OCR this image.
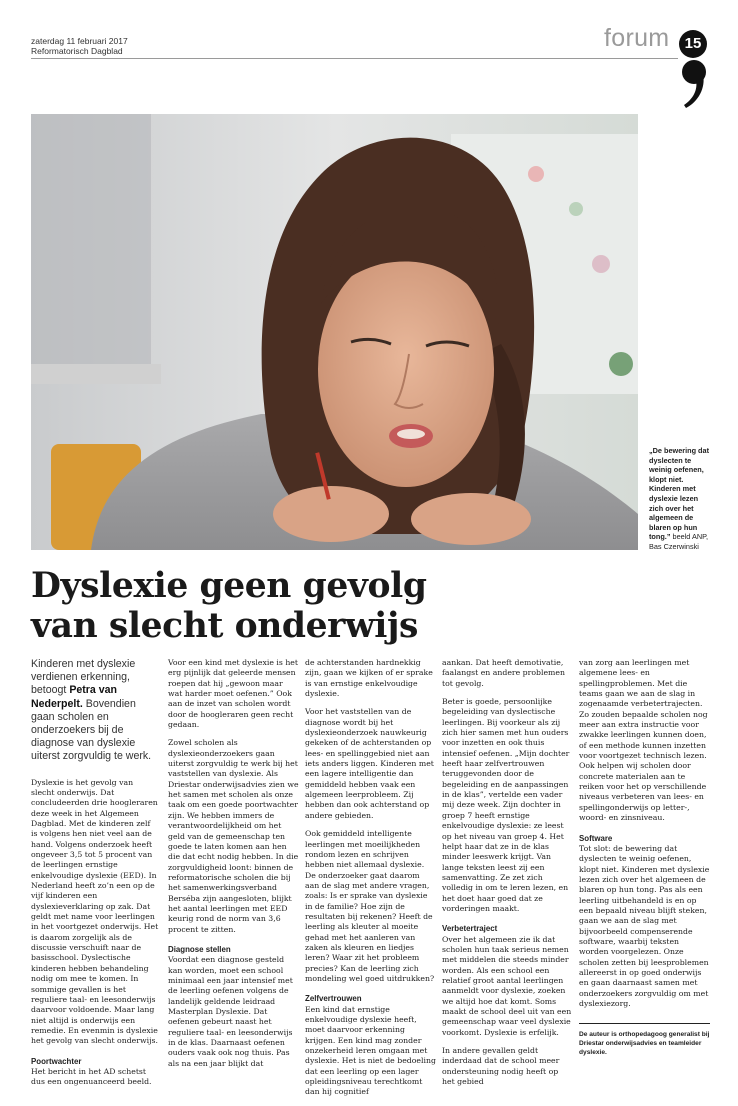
zaterdag 11 februari 2017
Reformatorisch Dagblad	forum	15
„De bewering dat dyslecten te weinig oefenen, klopt niet. Kinderen met dyslexie lezen zich over het algemeen de blaren op hun tong.” beeld ANP, Bas Czerwinski
Dyslexie geen gevolg
van slecht onderwijs

Kinderen met dyslexie verdienen erkenning, betoogt Petra van Nederpelt. Bovendien gaan scholen en onderzoekers bij de diagnose van dyslexie uiterst zorgvuldig te werk.

Dyslexie is het gevolg van slecht onderwijs. Dat concludeerden drie hoogleraren deze week in het Algemeen Dagblad. Met de kinderen zelf is volgens hen niet veel aan de hand. Volgens onderzoek heeft ongeveer 3,5 tot 5 procent van de leerlingen ernstige enkelvoudige dyslexie (EED). In Nederland heeft zo’n een op de vijf kinderen een dyslexieverklaring op zak. Dat geldt met name voor leerlingen in het voortgezet onderwijs. Het is daarom zorgelijk als de discussie verschuift naar de basisschool. Dyslectische kinderen hebben behandeling nodig om mee te komen. In sommige gevallen is het reguliere taal- en leesonderwijs daarvoor voldoende. Maar lang niet altijd is onderwijs een remedie. En evenmin is dyslexie het gevolg van slecht onderwijs.

Poortwachter

Het bericht in het AD schetst dus een ongenuanceerd beeld.

Voor een kind met dyslexie is het erg pijnlijk dat geleerde mensen roepen dat hij „gewoon maar wat harder moet oefenen.” Ook aan de inzet van scholen wordt door de hoogleraren geen recht gedaan.

Zowel scholen als dyslexieonderzoekers gaan uiterst zorgvuldig te werk bij het vaststellen van dyslexie. Als Driestar onderwijsadvies zien we het samen met scholen als onze taak om een goede poortwachter zijn. We hebben immers de verantwoordelijkheid om het geld van de gemeenschap ten goede te laten komen aan hen die dat echt nodig hebben. In die zorgvuldigheid loont: binnen de reformatorische scholen die bij het samenwerkingsverband Berséba zijn aangesloten, blijkt het aantal leerlingen met EED keurig rond de norm van 3,6 procent te zitten.

Diagnose stellen

Voordat een diagnose gesteld kan worden, moet een school minimaal een jaar intensief met de leerling oefenen volgens de landelijk geldende leidraad Masterplan Dyslexie. Dat oefenen gebeurt naast het reguliere taal- en leesonderwijs in de klas. Daarnaast oefenen ouders vaak ook nog thuis. Pas als na een jaar blijkt dat

de achterstanden hardnekkig zijn, gaan we kijken of er sprake is van ernstige enkelvoudige dyslexie.

Voor het vaststellen van de diagnose wordt bij het dyslexieonderzoek nauwkeurig gekeken of de achterstanden op lees- en spellinggebied niet aan iets anders liggen. Kinderen met een lagere intelligentie dan gemiddeld hebben vaak een algemeen leerprobleem. Zij hebben dan ook achterstand op andere gebieden.

Ook gemiddeld intelligente leerlingen met moeilijkheden rondom lezen en schrijven hebben niet allemaal dyslexie. De onderzoeker gaat daarom aan de slag met andere vragen, zoals: Is er sprake van dyslexie in de familie? Hoe zijn de resultaten bij rekenen? Heeft de leerling als kleuter al moeite gehad met het aanleren van zaken als kleuren en liedjes leren? Waar zit het probleem precies? Kan de leerling zich mondeling wel goed uitdrukken?

Zelfvertrouwen

Een kind dat ernstige enkelvoudige dyslexie heeft, moet daarvoor erkenning krijgen. Een kind mag zonder onzekerheid leren omgaan met dyslexie. Het is niet de bedoeling dat een leerling op een lager opleidingsniveau terechtkomt dan hij cognitief

aankan. Dat heeft demotivatie, faalangst en andere problemen tot gevolg.

Beter is goede, persoonlijke begeleiding van dyslectische leerlingen. Bij voorkeur als zij zich hier samen met hun ouders voor inzetten en ook thuis intensief oefenen. „Mijn dochter heeft haar zelfvertrouwen teruggevonden door de begeleiding en de aanpassingen in de klas”, vertelde een vader mij deze week. Zijn dochter in groep 7 heeft ernstige enkelvoudige dyslexie: ze leest op het niveau van groep 4. Het helpt haar dat ze in de klas minder leeswerk krijgt. Van lange teksten leest zij een samenvatting. Ze zet zich volledig in om te leren lezen, en het doet haar goed dat ze vorderingen maakt.

Verbetertraject

Over het algemeen zie ik dat scholen hun taak serieus nemen met middelen die steeds minder worden. Als een school een relatief groot aantal leerlingen aanmeldt voor dyslexie, zoeken we altijd hoe dat komt. Soms maakt de school deel uit van een gemeenschap waar veel dyslexie voorkomt. Dyslexie is erfelijk.

In andere gevallen geldt inderdaad dat de school meer ondersteuning nodig heeft op het gebied

van zorg aan leerlingen met algemene lees- en spellingproblemen. Met die teams gaan we aan de slag in zogenaamde verbetertrajecten. Zo zouden bepaalde scholen nog meer aan extra instructie voor zwakke leerlingen kunnen doen, of een methode kunnen inzetten voor voortgezet technisch lezen. Ook helpen wij scholen door concrete materialen aan te reiken voor het op verschillende niveaus verbeteren van lees- en spellingonderwijs op letter-, woord- en zinsniveau.

Software

Tot slot: de bewering dat dyslecten te weinig oefenen, klopt niet. Kinderen met dyslexie lezen zich over het algemeen de blaren op hun tong. Pas als een leerling uitbehandeld is en op een bepaald niveau blijft steken, gaan we aan de slag met bijvoorbeeld compenserende software, waarbij teksten worden voorgelezen. Onze scholen zetten bij leesproblemen allereerst in op goed onderwijs en gaan daarnaast samen met onderzoekers zorgvuldig om met dyslexiezorg.

De auteur is orthopedagoog generalist bij Driestar onderwijsadvies en teamleider dyslexie.
